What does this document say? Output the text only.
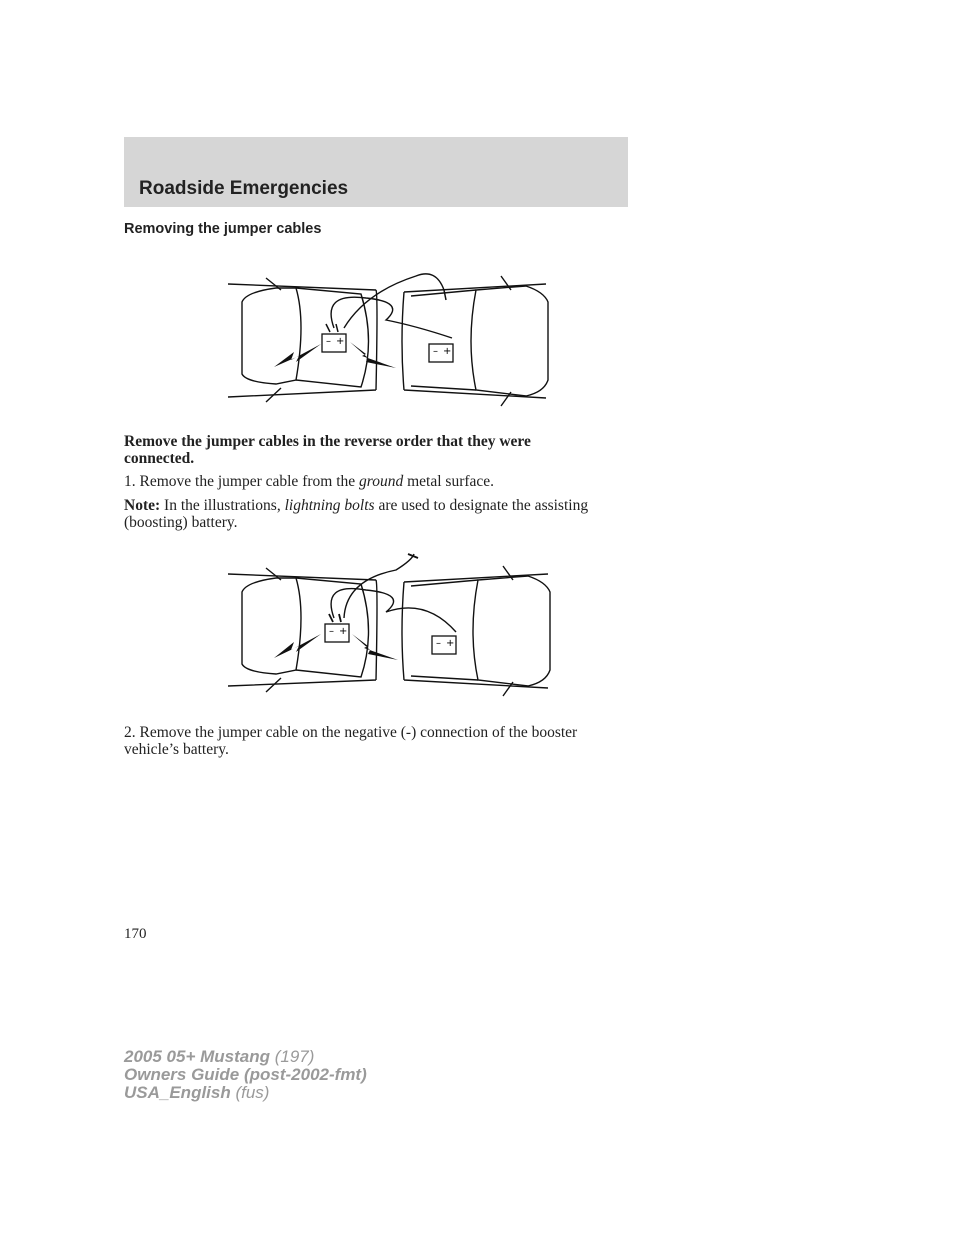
Roadside Emergencies
Removing the jumper cables
– +
– +
Remove the jumper cables in the reverse order that they were connected.
1. Remove the jumper cable from the ground metal surface.
Note: In the illustrations, lightning bolts are used to designate the assisting (boosting) battery.
– +
– +
2. Remove the jumper cable on the negative (-) connection of the booster vehicle’s battery.
170
2005 05+ Mustang (197)
Owners Guide (post-2002-fmt)
USA_English (fus)
